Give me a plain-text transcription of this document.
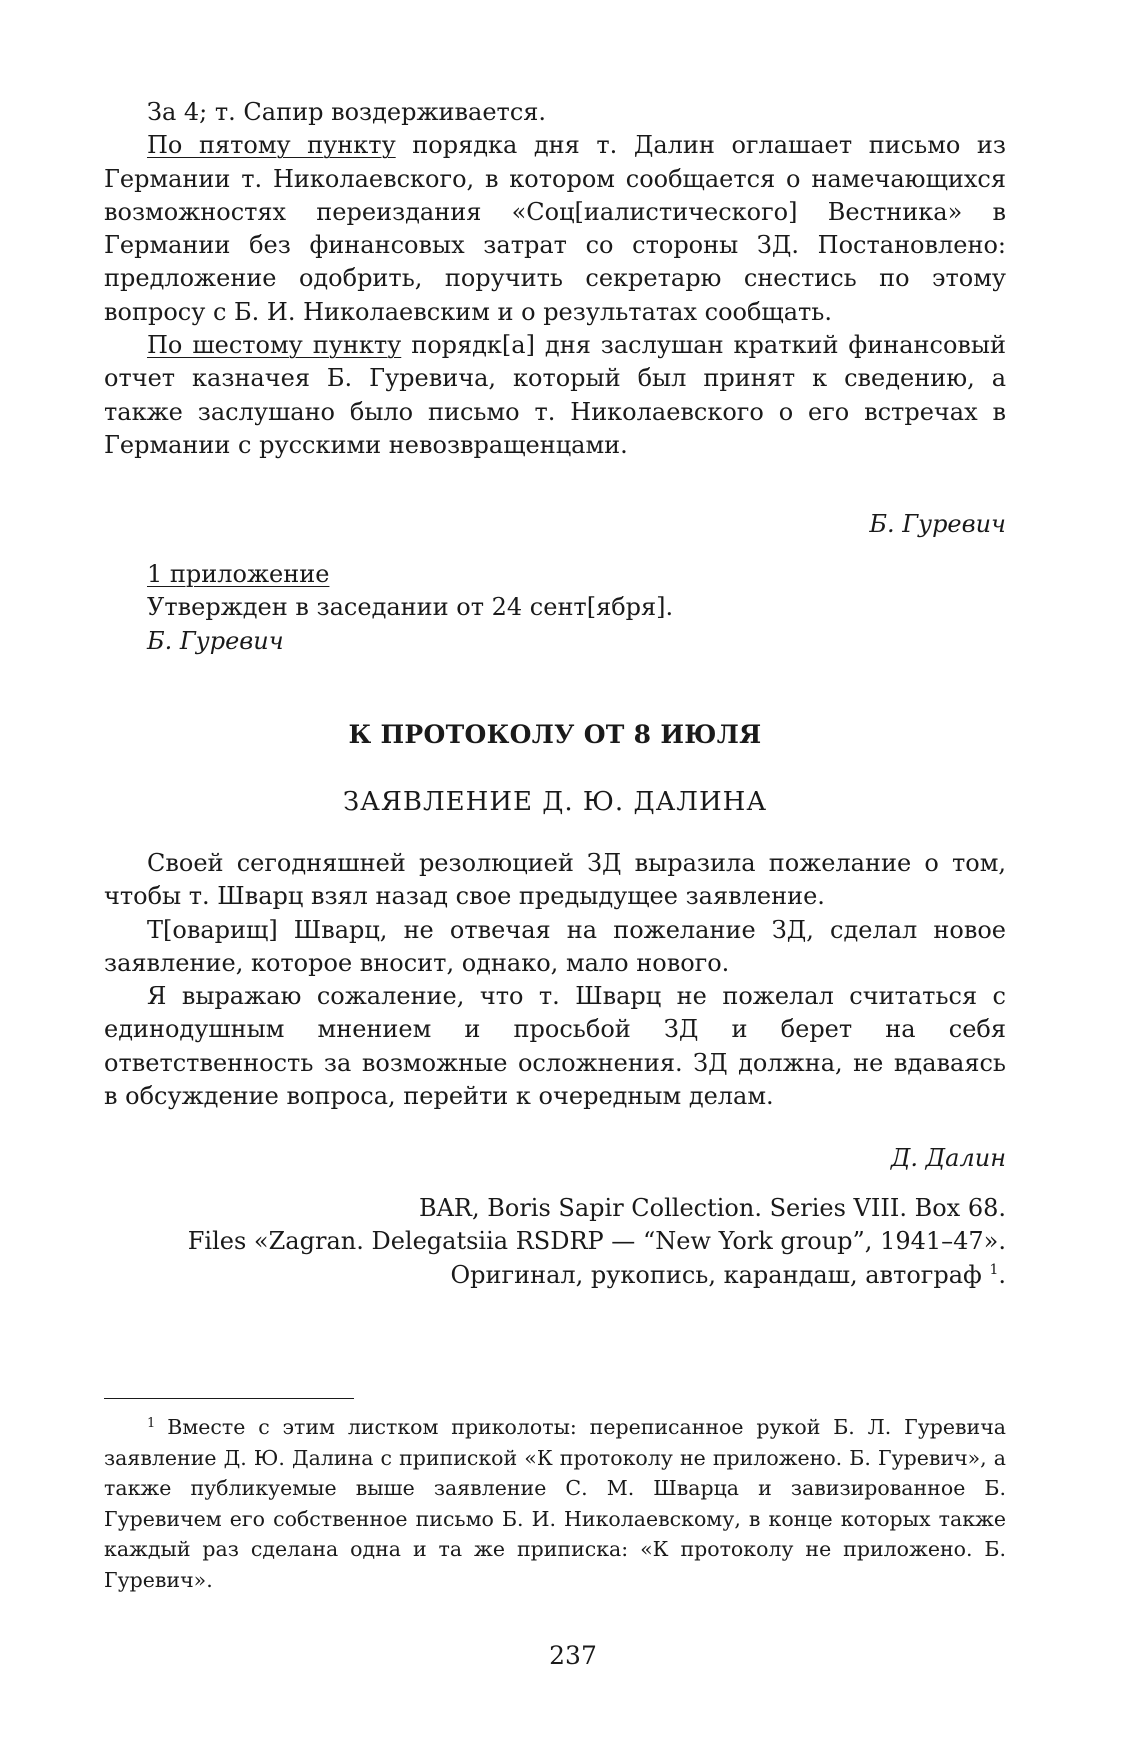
За 4; т. Сапир воздерживается.

По пятому пункту порядка дня т. Далин оглашает письмо из Германии т. Николаевского, в котором сообщается о намечающихся возможностях переиздания «Соц[иалистического] Вестника» в Германии без финансовых затрат со стороны ЗД. Постановлено: предложение одобрить, поручить секретарю снестись по этому вопросу с Б. И. Николаевским и о результатах сообщать.

По шестому пункту порядк[а] дня заслушан краткий финансовый отчет казначея Б. Гуревича, который был принят к сведению, а также заслушано было письмо т. Николаевского о его встречах в Германии с русскими невозвращенцами.

Б. Гуревич

1 приложение

Утвержден в заседании от 24 сент[ября].

Б. Гуревич

К ПРОТОКОЛУ ОТ 8 ИЮЛЯ

ЗАЯВЛЕНИЕ Д. Ю. ДАЛИНА

Своей сегодняшней резолюцией ЗД выразила пожелание о том, чтобы т. Шварц взял назад свое предыдущее заявление.

Т[оварищ] Шварц, не отвечая на пожелание ЗД, сделал новое заявление, которое вносит, однако, мало нового.

Я выражаю сожаление, что т. Шварц не пожелал считаться с единодушным мнением и просьбой ЗД и берет на себя ответственность за возможные осложнения. ЗД должна, не вдаваясь в обсуждение вопроса, перейти к очередным делам.

Д. Далин

BAR, Boris Sapir Collection. Series VIII. Box 68.

Files «Zagran. Delegatsiia RSDRP — “New York group”, 1941–47».

Оригинал, рукопись, карандаш, автограф $^1$.

$^1$ Вместе с этим листком приколоты: переписанное рукой Б. Л. Гуревича заявление Д. Ю. Далина с припиской «К протоколу не приложено. Б. Гуревич», а также публикуемые выше заявление С. М. Шварца и завизированное Б. Гуревичем его собственное письмо Б. И. Николаевскому, в конце которых также каждый раз сделана одна и та же приписка: «К протоколу не приложено. Б. Гуревич».

237
